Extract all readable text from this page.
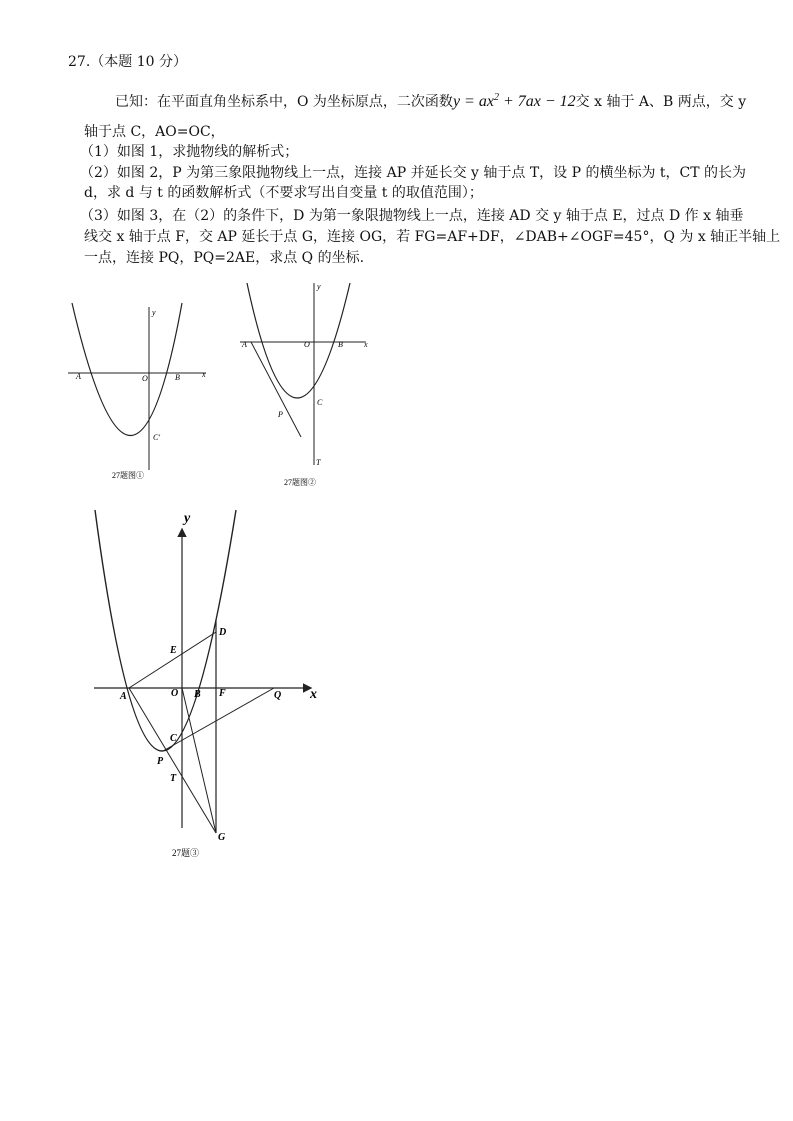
27.（本题 10 分）
已知：在平面直角坐标系中，O 为坐标原点，二次函数$y = ax^2 + 7ax - 12$交 x 轴于 A、B 两点，交 y
轴于点 C，AO=OC，
（1）如图 1，求抛物线的解析式；
（2）如图 2，P 为第三象限抛物线上一点，连接 AP 并延长交 y 轴于点 T，设 P 的横坐标为 t，CT 的长为
d，求 d 与 t 的函数解析式（不要求写出自变量 t 的取值范围）；
（3）如图 3，在（2）的条件下，D 为第一象限抛物线上一点，连接 AD 交 y 轴于点 E，过点 D 作 x 轴垂
线交 x 轴于点 F，交 AP 延长于点 G，连接 OG，若 FG=AF+DF，∠DAB+∠OGF=45°，Q 为 x 轴正半轴上
一点，连接 PQ，PQ=2AE，求点 Q 的坐标.
y
x
A	O	B
C'
27题图①
y
x
A	O	B
P
C
T
27题图②
y
x
A	O B F	Q
E
D
C
P
T
G
27题③
